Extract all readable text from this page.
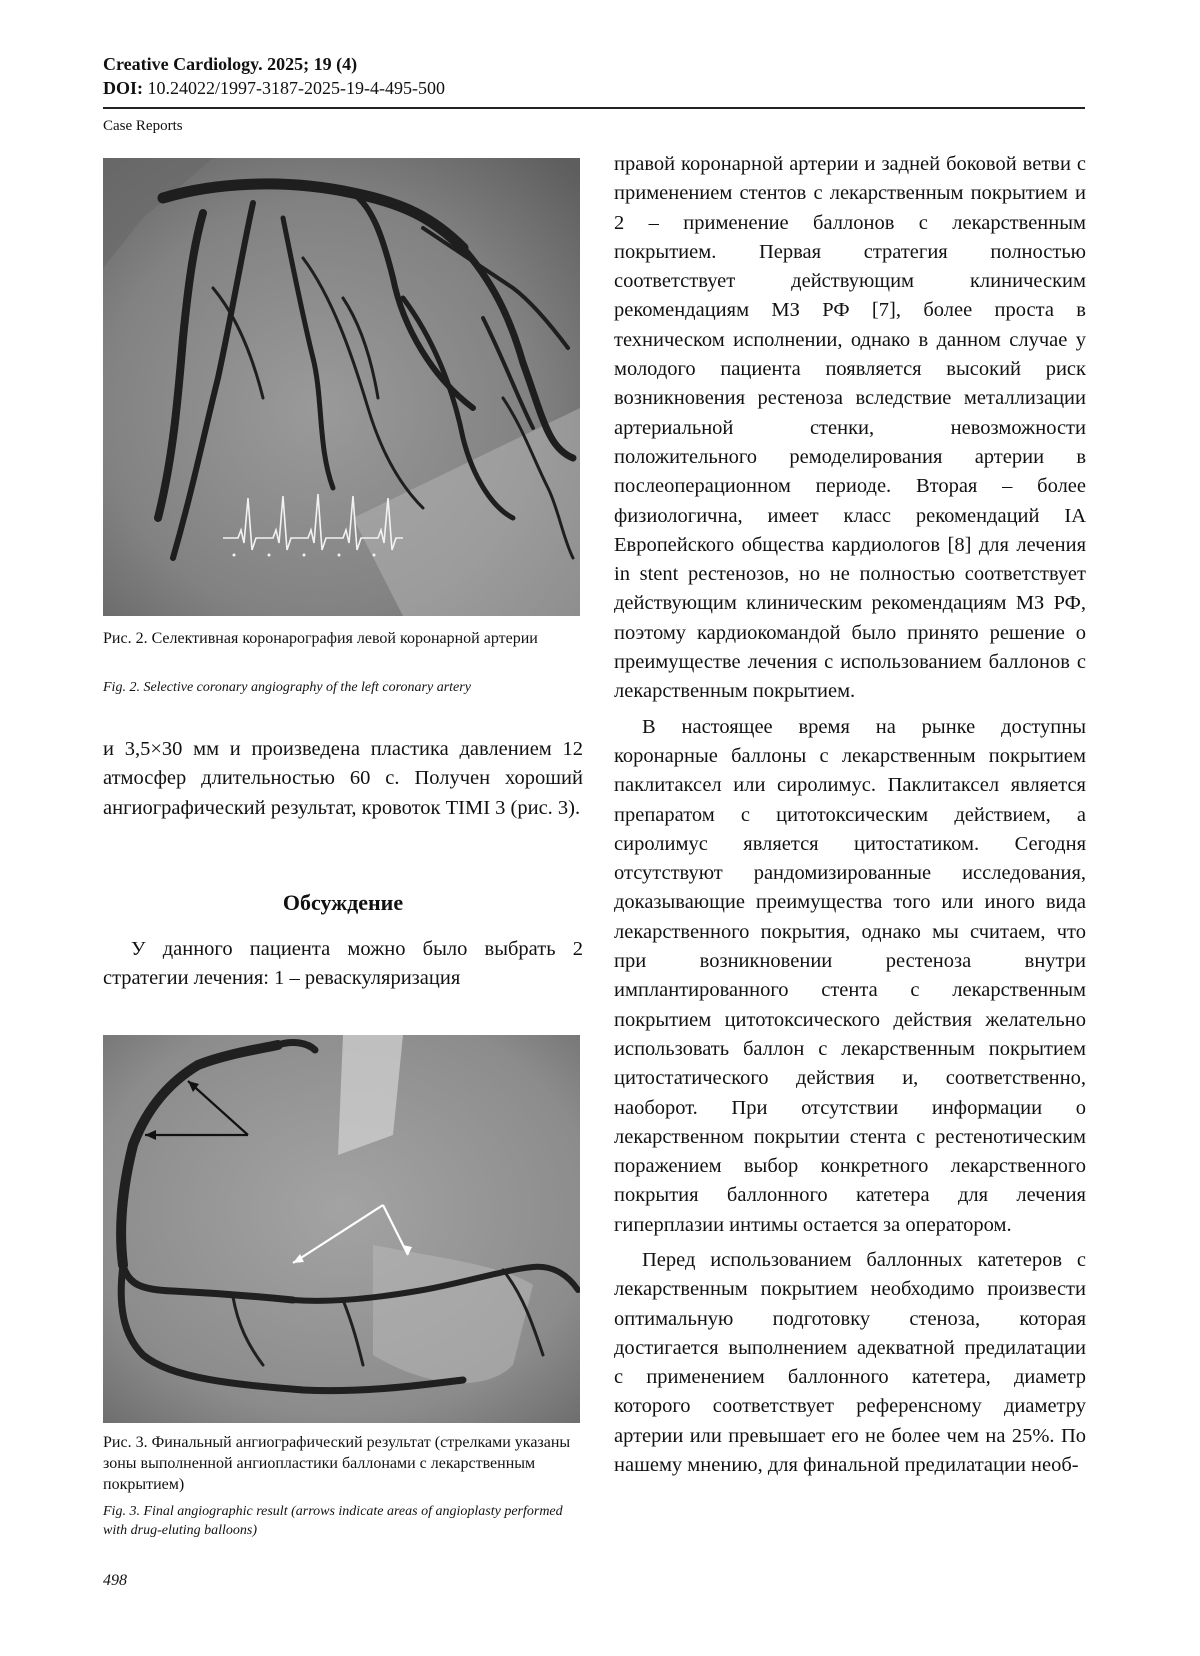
Creative Cardiology. 2025; 19 (4)
DOI: 10.24022/1997-3187-2025-19-4-495-500
Case Reports
Рис. 2. Селективная коронарография левой коронарной артерии
Fig. 2. Selective coronary angiography of the left coronary artery

и 3,5×30 мм и произведена пластика давлением 12 атмосфер длительностью 60 с. Получен хороший ангиографический результат, кровоток TIMI 3 (рис. 3).

Обсуждение

У данного пациента можно было выбрать 2 стратегии лечения: 1 – реваскуляризация

Рис. 3. Финальный ангиографический результат (стрелками указаны зоны выполненной ангиопластики баллонами с лекарственным покрытием)
Fig. 3. Final angiographic result (arrows indicate areas of angioplasty performed with drug-eluting balloons)

правой коронарной артерии и задней боковой ветви с применением стентов с лекарственным покрытием и 2 – применение баллонов с лекарственным покрытием. Первая стратегия полностью соответствует действующим клиническим рекомендациям МЗ РФ [7], более проста в техническом исполнении, однако в данном случае у молодого пациента появляется высокий риск возникновения рестеноза вследствие металлизации артериальной стенки, невозможности положительного ремоделирования артерии в послеоперационном периоде. Вторая – более физиологична, имеет класс рекомендаций IA Европейского общества кардиологов [8] для лечения in stent рестенозов, но не полностью соответствует действующим клиническим рекомендациям МЗ РФ, поэтому кардиокомандой было принято решение о преимуществе лечения с использованием баллонов с лекарственным покрытием.

В настоящее время на рынке доступны коронарные баллоны с лекарственным покрытием паклитаксел или сиролимус. Паклитаксел является препаратом с цитотоксическим действием, а сиролимус является цитостатиком. Сегодня отсутствуют рандомизированные исследования, доказывающие преимущества того или иного вида лекарственного покрытия, однако мы считаем, что при возникновении рестеноза внутри имплантированного стента с лекарственным покрытием цитотоксического действия желательно использовать баллон с лекарственным покрытием цитостатического действия и, соответственно, наоборот. При отсутствии информации о лекарственном покрытии стента с рестенотическим поражением выбор конкретного лекарственного покрытия баллонного катетера для лечения гиперплазии интимы остается за оператором.

Перед использованием баллонных катетеров с лекарственным покрытием необходимо произвести оптимальную подготовку стеноза, которая достигается выполнением адекватной предилатации с применением баллонного катетера, диаметр которого соответствует референсному диаметру артерии или превышает его не более чем на 25%. По нашему мнению, для финальной предилатации необ-

498
